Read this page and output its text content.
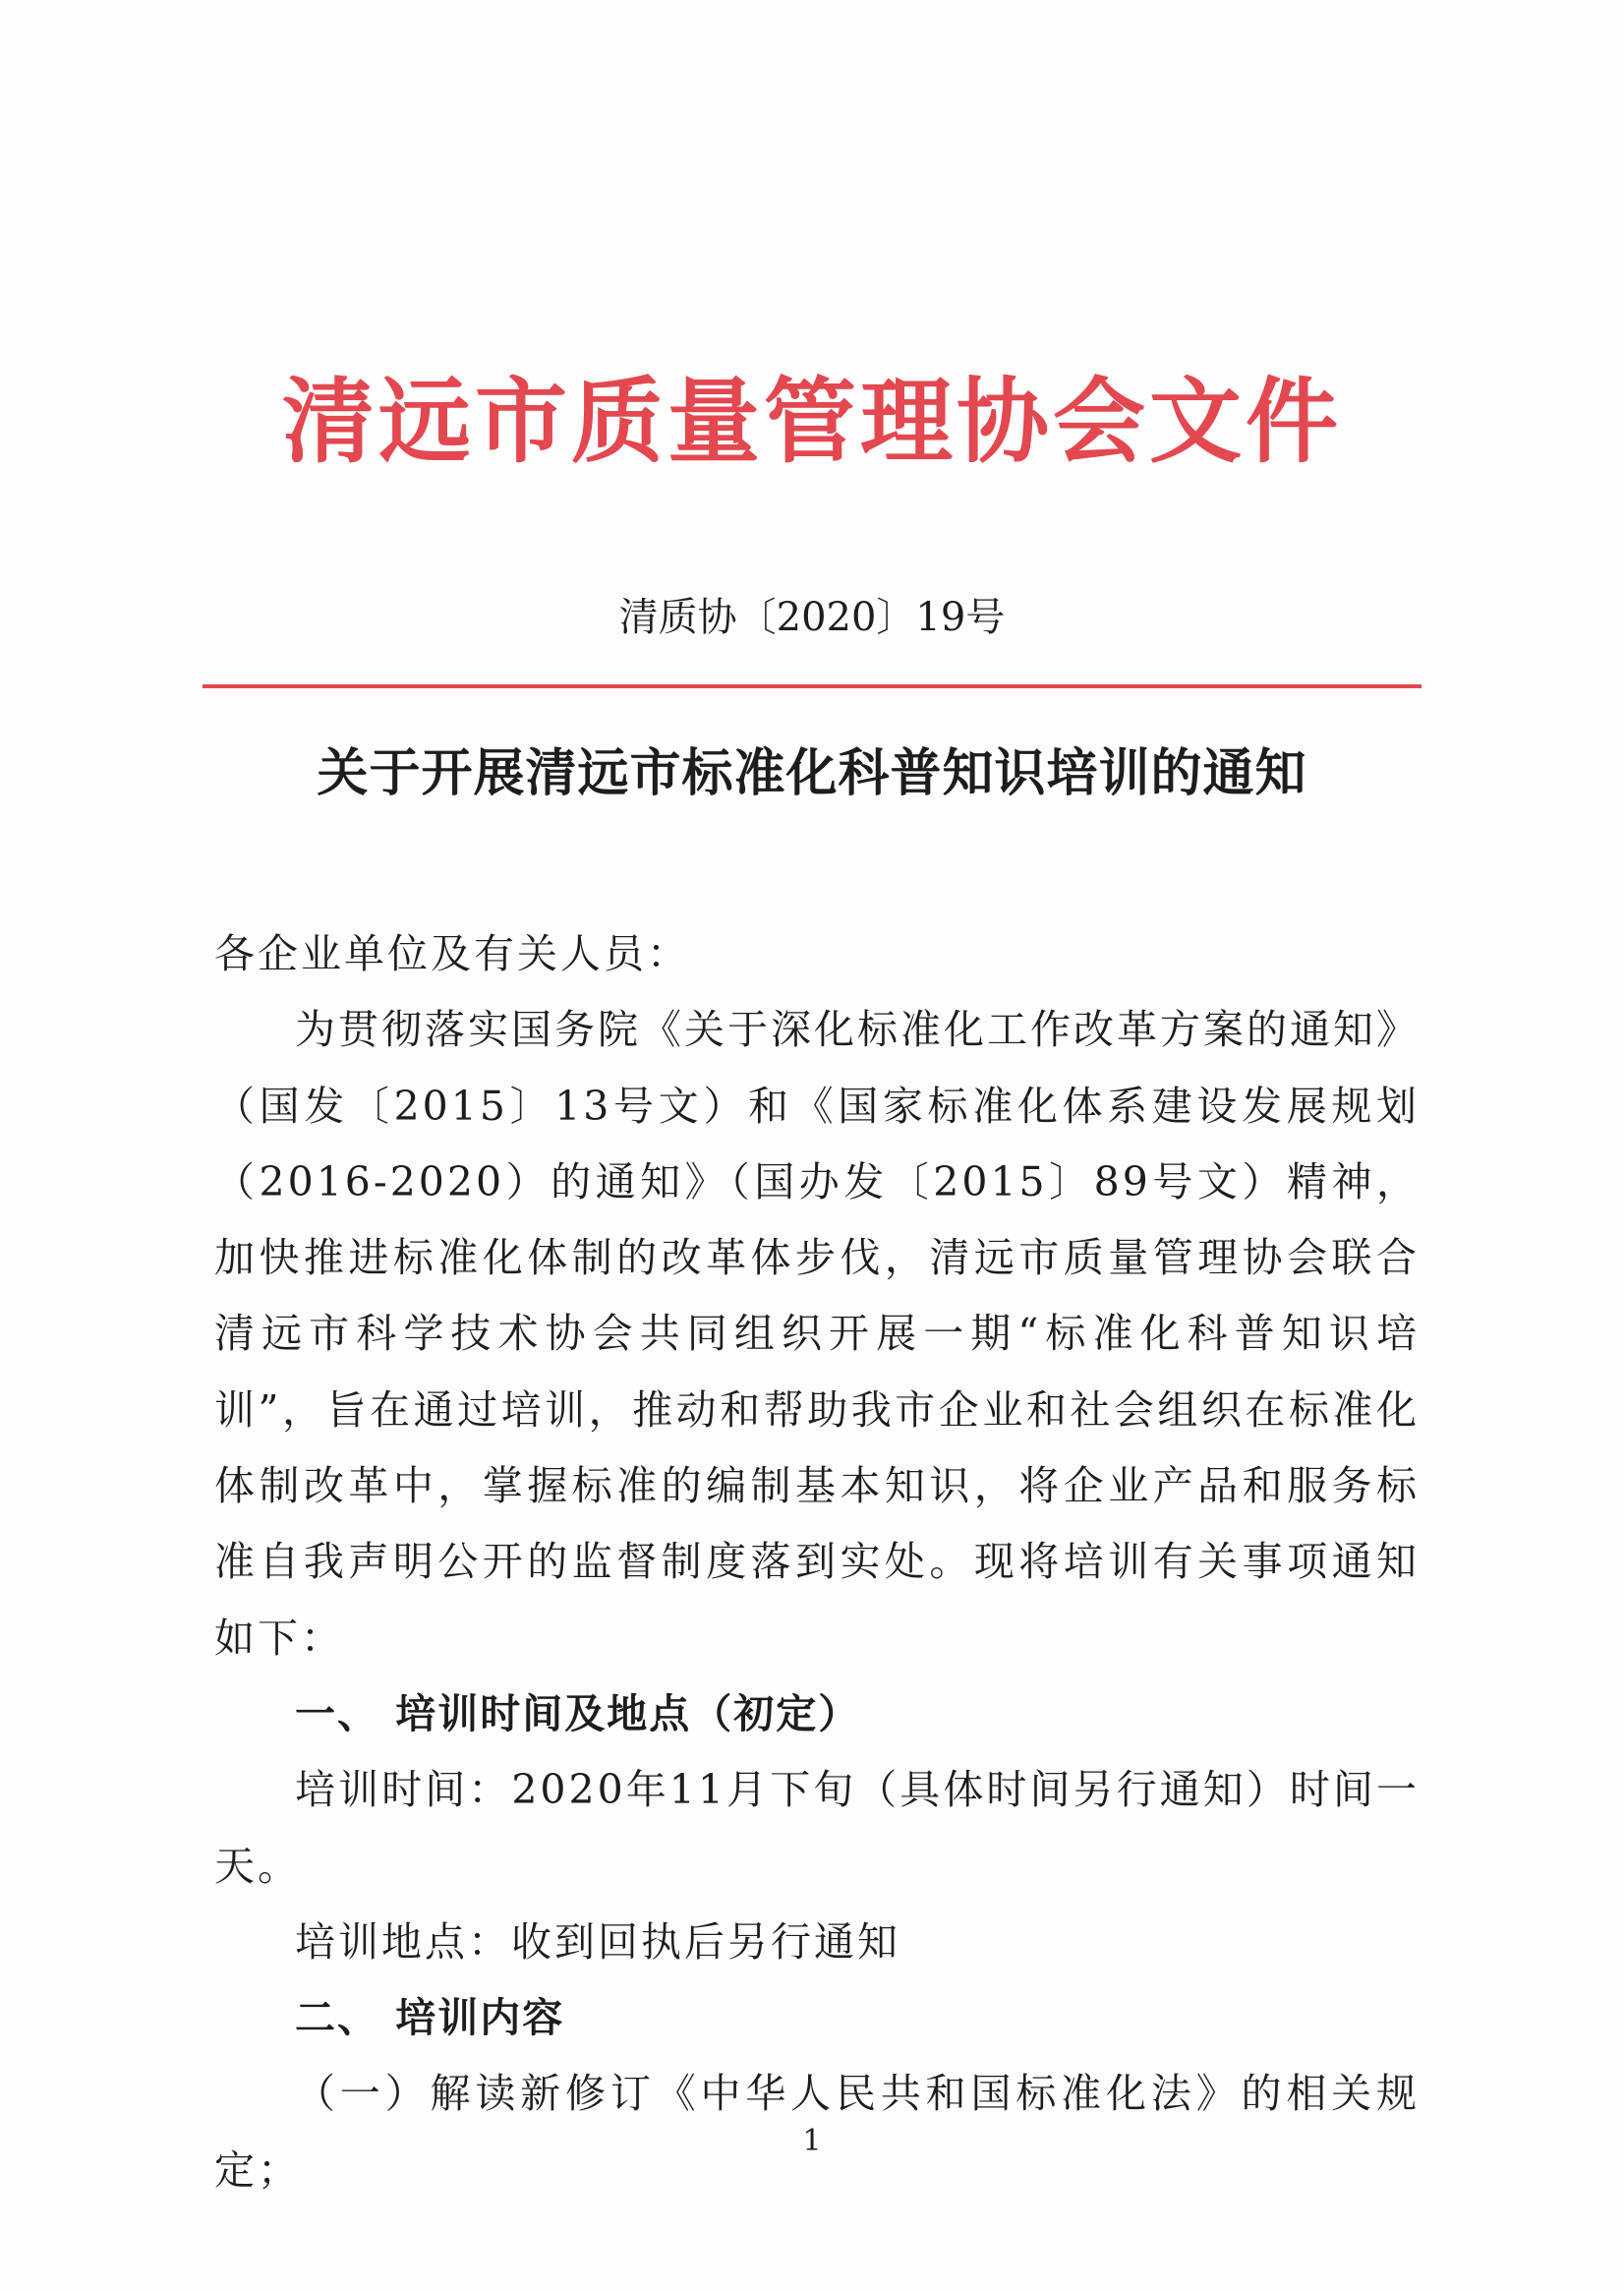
清远市质量管理协会文件
清质协〔2020〕19号
关于开展清远市标准化科普知识培训的通知

各企业单位及有关人员：

为贯彻落实国务院《关于深化标准化工作改革方案的通知》（国发〔2015〕13号文）和《国家标准化体系建设发展规划（2016-2020）的通知》（国办发〔2015〕89号文）精神，加快推进标准化体制的改革体步伐，清远市质量管理协会联合清远市科学技术协会共同组织开展一期“标准化科普知识培训”，旨在通过培训，推动和帮助我市企业和社会组织在标准化体制改革中，掌握标准的编制基本知识，将企业产品和服务标准自我声明公开的监督制度落到实处。现将培训有关事项通知如下：

一、 培训时间及地点（初定）

培训时间：2020年11月下旬（具体时间另行通知）时间一天。

培训地点：收到回执后另行通知

二、 培训内容

（一）解读新修订《中华人民共和国标准化法》的相关规定；

1
